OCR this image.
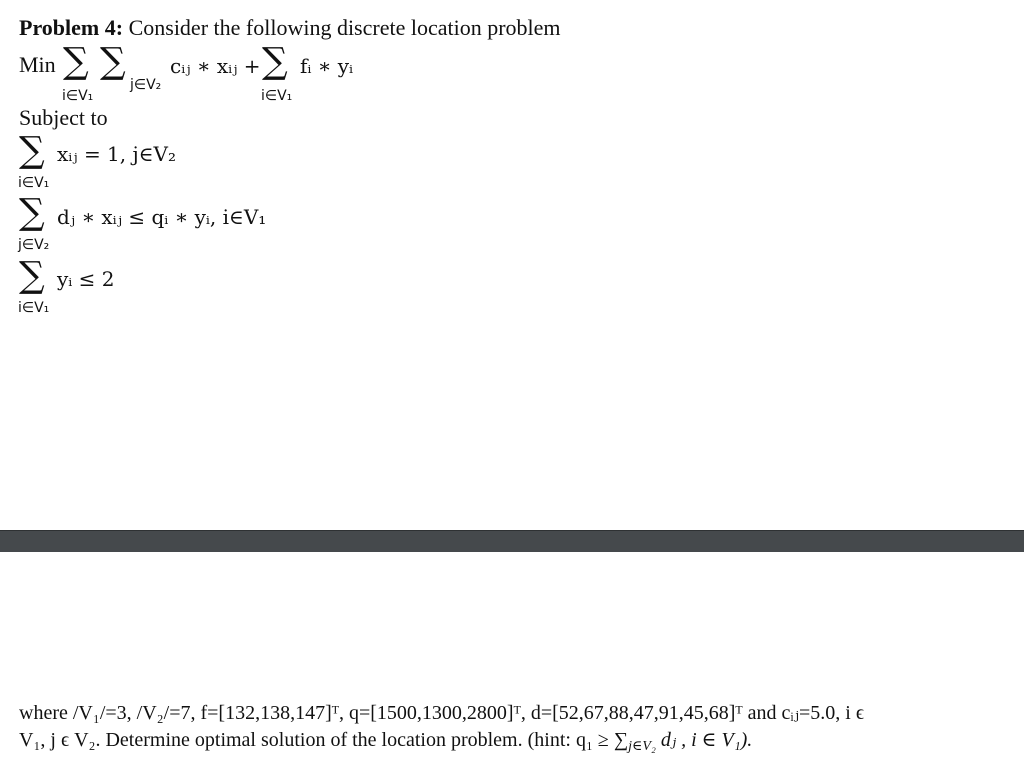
Problem 4: Consider the following discrete location problem
Min ∑ ∑
i∈V₁
j∈V₂
cᵢⱼ ∗ xᵢⱼ + ∑
i∈V₁
fᵢ ∗ yᵢ
Subject to
∑
i∈V₁
xᵢⱼ = 1, j∈V₂
∑
j∈V₂
dⱼ ∗ xᵢⱼ ≤ qᵢ ∗ yᵢ, i∈V₁
∑
i∈V₁
yᵢ ≤ 2
where /V₁/=3, /V₂/=7, f=[132,138,147]ᵀ, q=[1500,1300,2800]ᵀ, d=[52,67,88,47,91,45,68]ᵀ and cᵢⱼ=5.0, i ϵ
V₁, j ϵ V₂. Determine optimal solution of the location problem. (hint: $q_1 \ge \sum_{j\in V_2}$ dⱼ , i ∈ V₁).
